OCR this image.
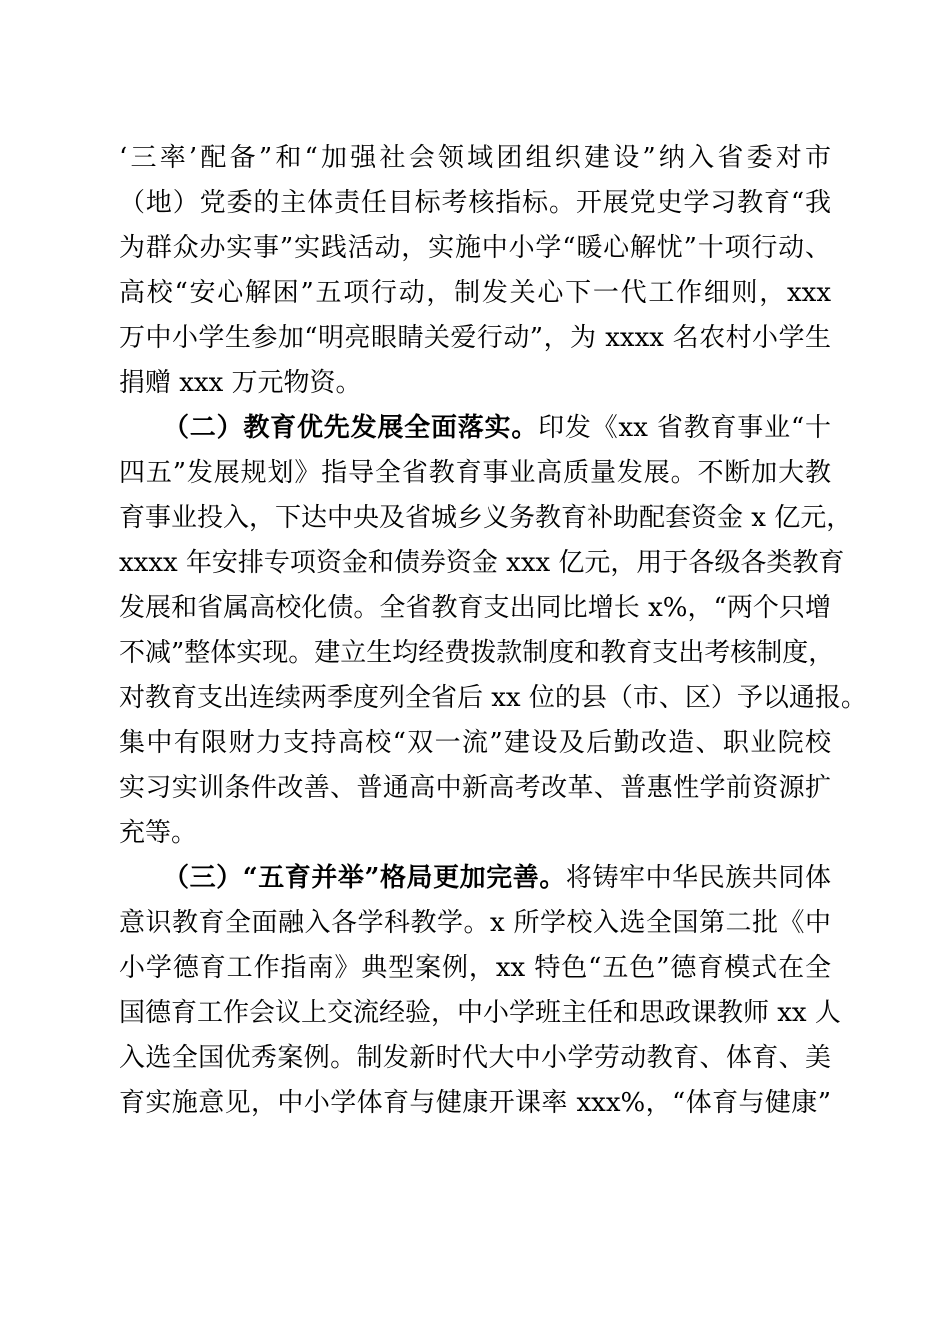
‘三率’配备”和“加强社会领域团组织建设”纳入省委对市
（地）党委的主体责任目标考核指标。开展党史学习教育“我
为群众办实事”实践活动，实施中小学“暖心解忧”十项行动、
高校“安心解困”五项行动，制发关心下一代工作细则，xxx
万中小学生参加“明亮眼睛关爱行动”，为 xxxx 名农村小学生
捐赠 xxx 万元物资。
（二）教育优先发展全面落实。印发《xx 省教育事业“十
四五”发展规划》指导全省教育事业高质量发展。不断加大教
育事业投入，下达中央及省城乡义务教育补助配套资金 x 亿元，
xxxx 年安排专项资金和债券资金 xxx 亿元，用于各级各类教育
发展和省属高校化债。全省教育支出同比增长 x%，“两个只增
不减”整体实现。建立生均经费拨款制度和教育支出考核制度，
对教育支出连续两季度列全省后 xx 位的县（市、区）予以通报。
集中有限财力支持高校“双一流”建设及后勤改造、职业院校
实习实训条件改善、普通高中新高考改革、普惠性学前资源扩
充等。
（三）“五育并举”格局更加完善。将铸牢中华民族共同体
意识教育全面融入各学科教学。x 所学校入选全国第二批《中
小学德育工作指南》典型案例，xx 特色“五色”德育模式在全
国德育工作会议上交流经验，中小学班主任和思政课教师 xx 人
入选全国优秀案例。制发新时代大中小学劳动教育、体育、美
育实施意见，中小学体育与健康开课率 xxx%，“体育与健康”
